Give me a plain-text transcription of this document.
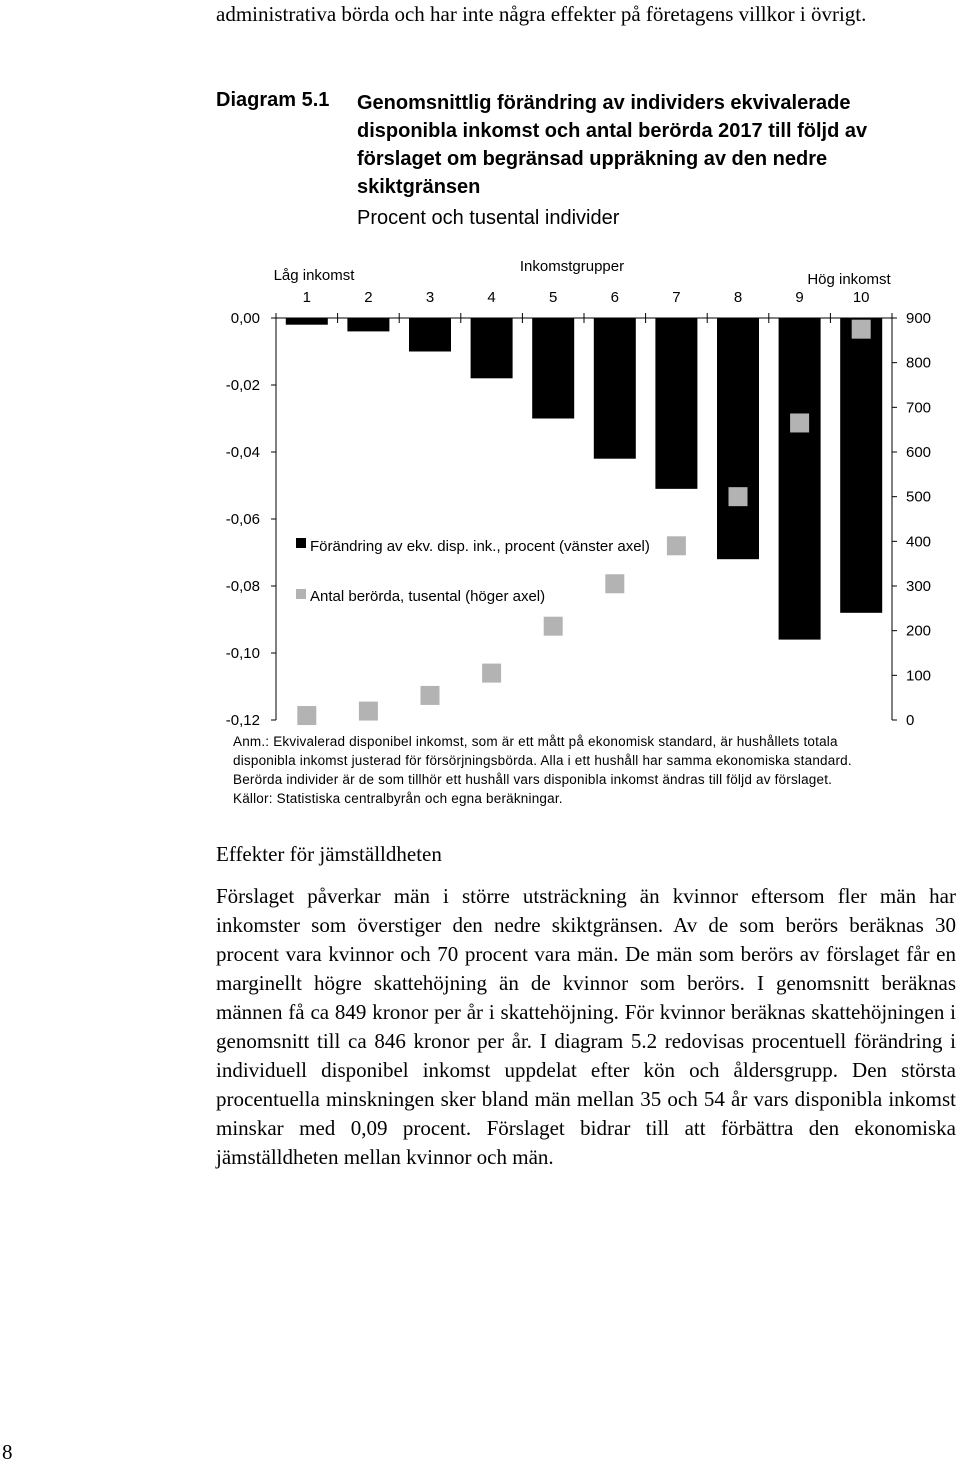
administrativa börda och har inte några effekter på företagens villkor i övrigt.

Diagram 5.1 Genomsnittlig förändring av individers ekvivalerade disponibla inkomst och antal berörda 2017 till följd av förslaget om begränsad uppräkning av den nedre skiktgränsen
Procent och tusental individer
0,00
-0,02
-0,04
-0,06
-0,08
-0,10
-0,12
900
800
700
600
500
400
300
200
100
0
1	2	3	4	5	6	7	8	9	10
Förändring av ekv. disp. ink., procent (vänster axel)
Antal berörda, tusental (höger axel)
Inkomstgrupper
Låg inkomst	Hög inkomst
Anm.: Ekvivalerad disponibel inkomst, som är ett mått på ekonomisk standard, är hushållets totala
disponibla inkomst justerad för försörjningsbörda. Alla i ett hushåll har samma ekonomiska standard.
Berörda individer är de som tillhör ett hushåll vars disponibla inkomst ändras till följd av förslaget.
Källor: Statistiska centralbyrån och egna beräkningar.
Effekter för jämställdheten

Förslaget påverkar män i större utsträckning än kvinnor eftersom fler män har inkomster som överstiger den nedre skiktgränsen. Av de som berörs beräknas 30 procent vara kvinnor och 70 procent vara män. De män som berörs av förslaget får en marginellt högre skattehöjning än de kvinnor som berörs. I genomsnitt beräknas männen få ca 849 kronor per år i skattehöjning. För kvinnor beräknas skattehöjningen i genomsnitt till ca 846 kronor per år. I diagram 5.2 redovisas procentuell förändring i individuell disponibel inkomst uppdelat efter kön och åldersgrupp. Den största procentuella minskningen sker bland män mellan 35 och 54 år vars disponibla inkomst minskar med 0,09 procent. Förslaget bidrar till att förbättra den ekonomiska jämställdheten mellan kvinnor och män.

8
